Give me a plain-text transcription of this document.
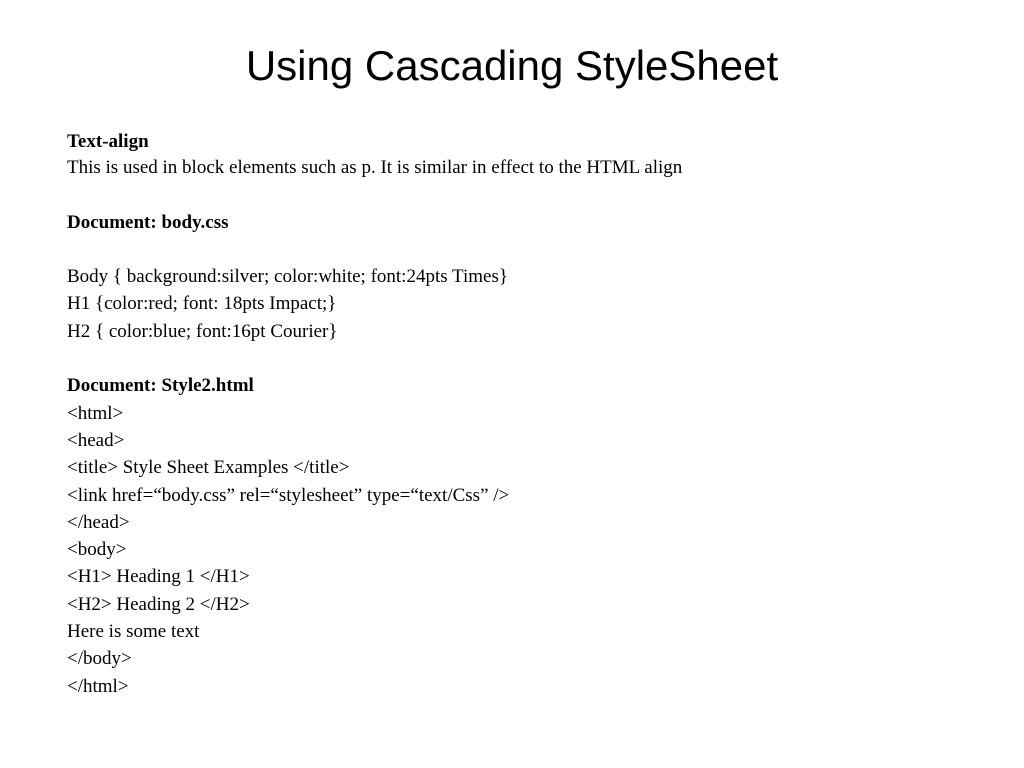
Using Cascading StyleSheet
Text-align
This is used in block elements such as p. It is similar in effect to the HTML align
Document: body.css
Body { background:silver; color:white; font:24pts Times}
H1 {color:red; font: 18pts Impact;}
H2 { color:blue; font:16pt Courier}
Document: Style2.html
<html>
<head>
<title> Style Sheet Examples </title>
<link href=“body.css” rel=“stylesheet” type=“text/Css” />
</head>
<body>
<H1> Heading 1 </H1>
<H2> Heading 2 </H2>
Here is some text
</body>
</html>
